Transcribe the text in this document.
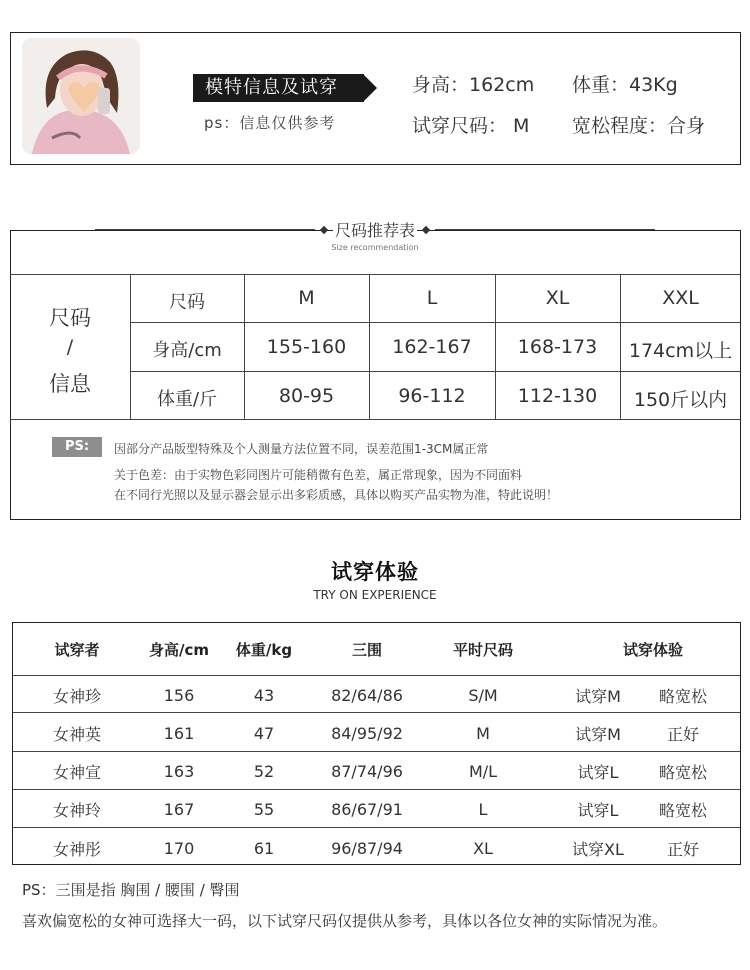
模特信息及试穿
ps：信息仅供参考
身高：162cm 体重：43Kg
试穿尺码： M 宽松程度：合身
尺码推荐表
Size recommendation
尺码
/
信息
尺码	M	L	XL	XXL
身高/cm	155-160	162-167	168-173	174cm以上
体重/斤	80-95	96-112	112-130	150斤以内
PS:	因部分产品版型特殊及个人测量方法位置不同，误差范围1-3CM属正常
关于色差：由于实物色彩同图片可能稍微有色差，属正常现象，因为不同面料
在不同行光照以及显示器会显示出多彩质感，具体以购买产品实物为准，特此说明！
试穿体验
TRY ON EXPERIENCE
试穿者	身高/cm	体重/kg	三围	平时尺码	试穿体验
女神珍	156	43	82/64/86	S/M	试穿M	略宽松
女神英	161	47	84/95/92	M	试穿M	正好
女神宣	163	52	87/74/96	M/L	试穿L	略宽松
女神玲	167	55	86/67/91	L	试穿L	略宽松
女神彤	170	61	96/87/94	XL	试穿XL	正好
PS：三围是指 胸围 / 腰围 / 臀围
喜欢偏宽松的女神可选择大一码，以下试穿尺码仅提供从参考，具体以各位女神的实际情况为准。
